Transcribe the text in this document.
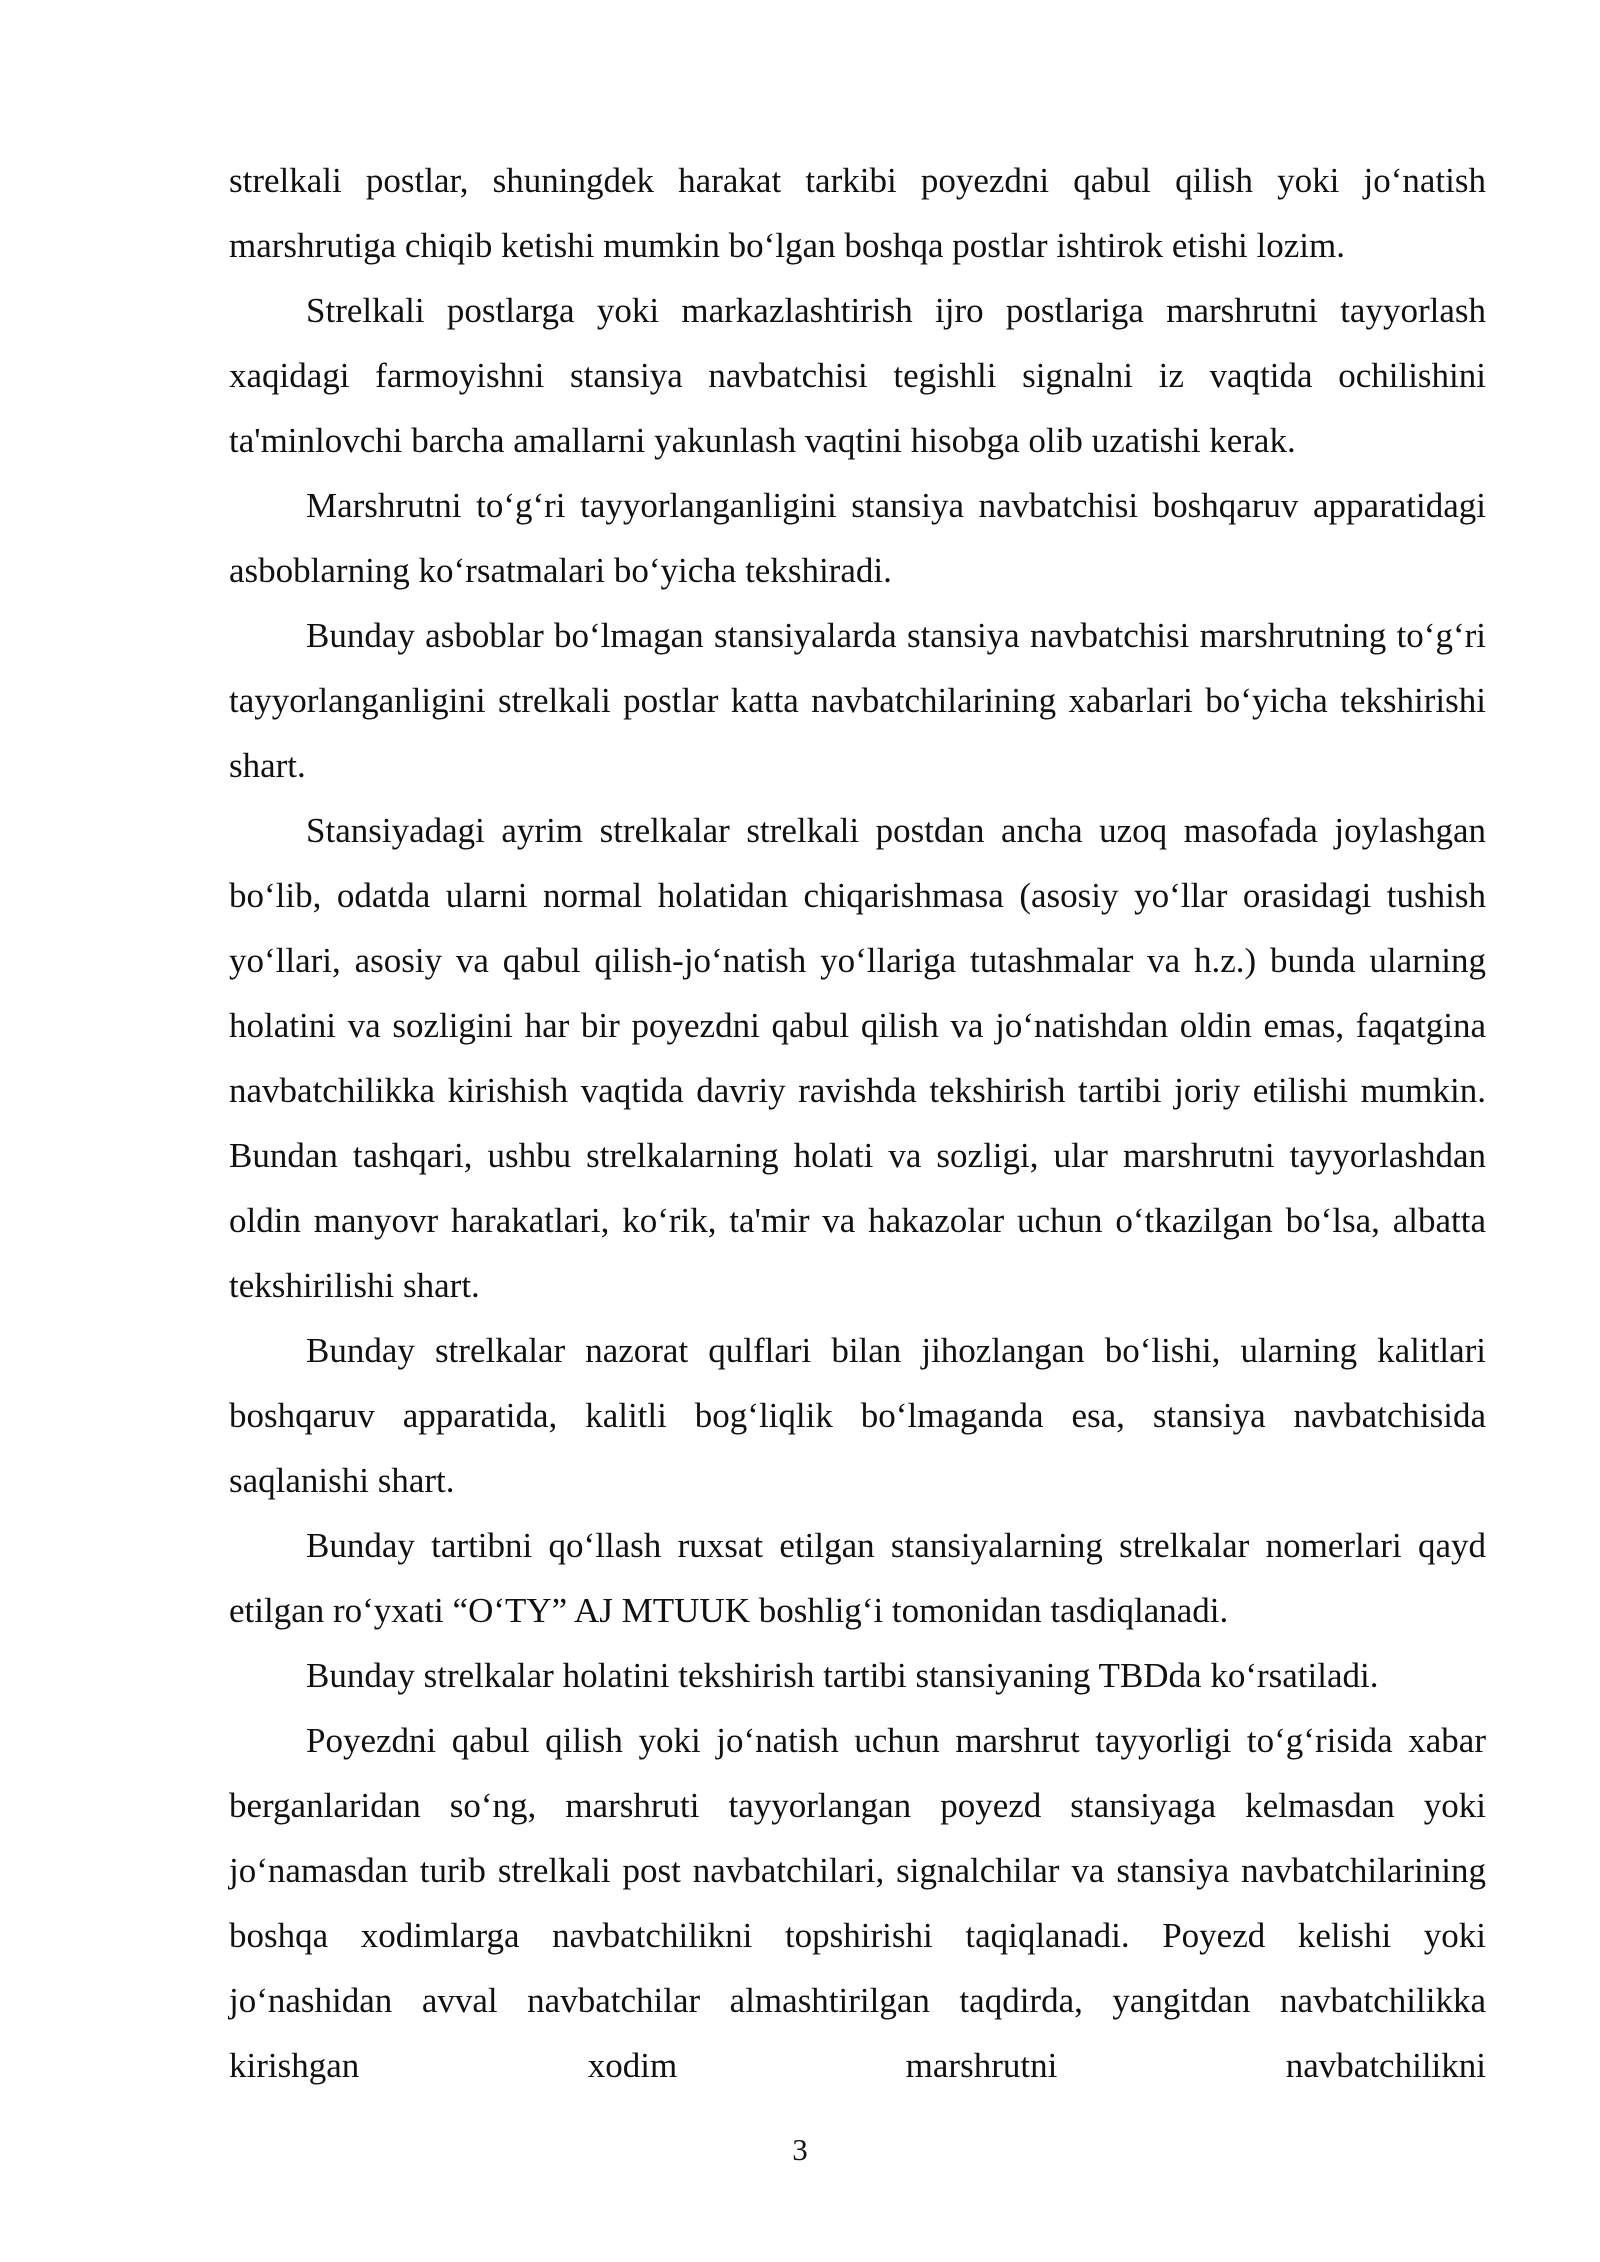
strelkali postlar, shuningdek harakat tarkibi poyezdni qabul qilish yoki jo‘natish marshrutiga chiqib ketishi mumkin bo‘lgan boshqa postlar ishtirok etishi lozim.

Strelkali postlarga yoki markazlashtirish ijro postlariga marshrutni tayyorlash xaqidagi farmoyishni stansiya navbatchisi tegishli signalni iz vaqtida ochilishini ta'minlovchi barcha amallarni yakunlash vaqtini hisobga olib uzatishi kerak.

Marshrutni to‘g‘ri tayyorlanganligini stansiya navbatchisi boshqaruv apparatidagi asboblarning ko‘rsatmalari bo‘yicha tekshiradi.

Bunday asboblar bo‘lmagan stansiyalarda stansiya navbatchisi marshrutning to‘g‘ri tayyorlanganligini strelkali postlar katta navbatchilarining xabarlari bo‘yicha tekshirishi shart.

Stansiyadagi ayrim strelkalar strelkali postdan ancha uzoq masofada joylashgan bo‘lib, odatda ularni normal holatidan chiqarishmasa (asosiy yo‘llar orasidagi tushish yo‘llari, asosiy va qabul qilish-jo‘natish yo‘llariga tutashmalar va h.z.) bunda ularning holatini va sozligini har bir poyezdni qabul qilish va jo‘natishdan oldin emas, faqatgina navbatchilikka kirishish vaqtida davriy ravishda tekshirish tartibi joriy etilishi mumkin. Bundan tashqari, ushbu strelkalarning holati va sozligi, ular marshrutni tayyorlashdan oldin manyovr harakatlari, ko‘rik, ta'mir va hakazolar uchun o‘tkazilgan bo‘lsa, albatta tekshirilishi shart.

Bunday strelkalar nazorat qulflari bilan jihozlangan bo‘lishi, ularning kalitlari boshqaruv apparatida, kalitli bog‘liqlik bo‘lmaganda esa, stansiya navbatchisida saqlanishi shart.

Bunday tartibni qo‘llash ruxsat etilgan stansiyalarning strelkalar nomerlari qayd etilgan ro‘yxati “O‘TY” AJ MTUUK boshlig‘i tomonidan tasdiqlanadi.

Bunday strelkalar holatini tekshirish tartibi stansiyaning TBDda ko‘rsatiladi.

Poyezdni qabul qilish yoki jo‘natish uchun marshrut tayyorligi to‘g‘risida xabar berganlaridan so‘ng, marshruti tayyorlangan poyezd stansiyaga kelmasdan yoki jo‘namasdan turib strelkali post navbatchilari, signalchilar va stansiya navbatchilarining boshqa xodimlarga navbatchilikni topshirishi taqiqlanadi. Poyezd kelishi yoki jo‘nashidan avval navbatchilar almashtirilgan taqdirda, yangitdan navbatchilikka kirishgan xodim marshrutni navbatchilikni

3
